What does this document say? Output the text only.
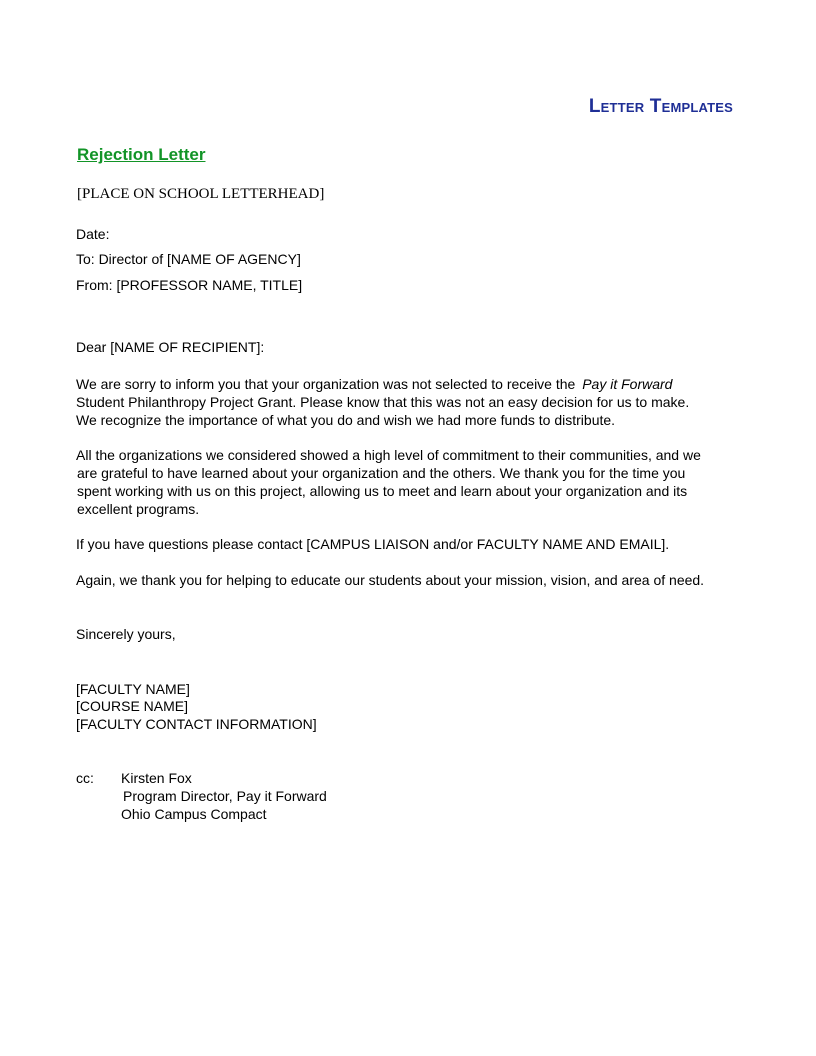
Letter Templates
Rejection Letter
[PLACE ON SCHOOL LETTERHEAD]
Date:
To: Director of [NAME OF AGENCY]
From: [PROFESSOR NAME, TITLE]
Dear [NAME OF RECIPIENT]:
We are sorry to inform you that your organization was not selected to receive the Pay it Forward
Student Philanthropy Project Grant. Please know that this was not an easy decision for us to make.
We recognize the importance of what you do and wish we had more funds to distribute.
All the organizations we considered showed a high level of commitment to their communities, and we
are grateful to have learned about your organization and the others. We thank you for the time you
spent working with us on this project, allowing us to meet and learn about your organization and its
excellent programs.
If you have questions please contact [CAMPUS LIAISON and/or FACULTY NAME AND EMAIL].
Again, we thank you for helping to educate our students about your mission, vision, and area of need.
Sincerely yours,
[FACULTY NAME]
[COURSE NAME]
[FACULTY CONTACT INFORMATION]
cc: Kirsten Fox
Program Director, Pay it Forward
Ohio Campus Compact
